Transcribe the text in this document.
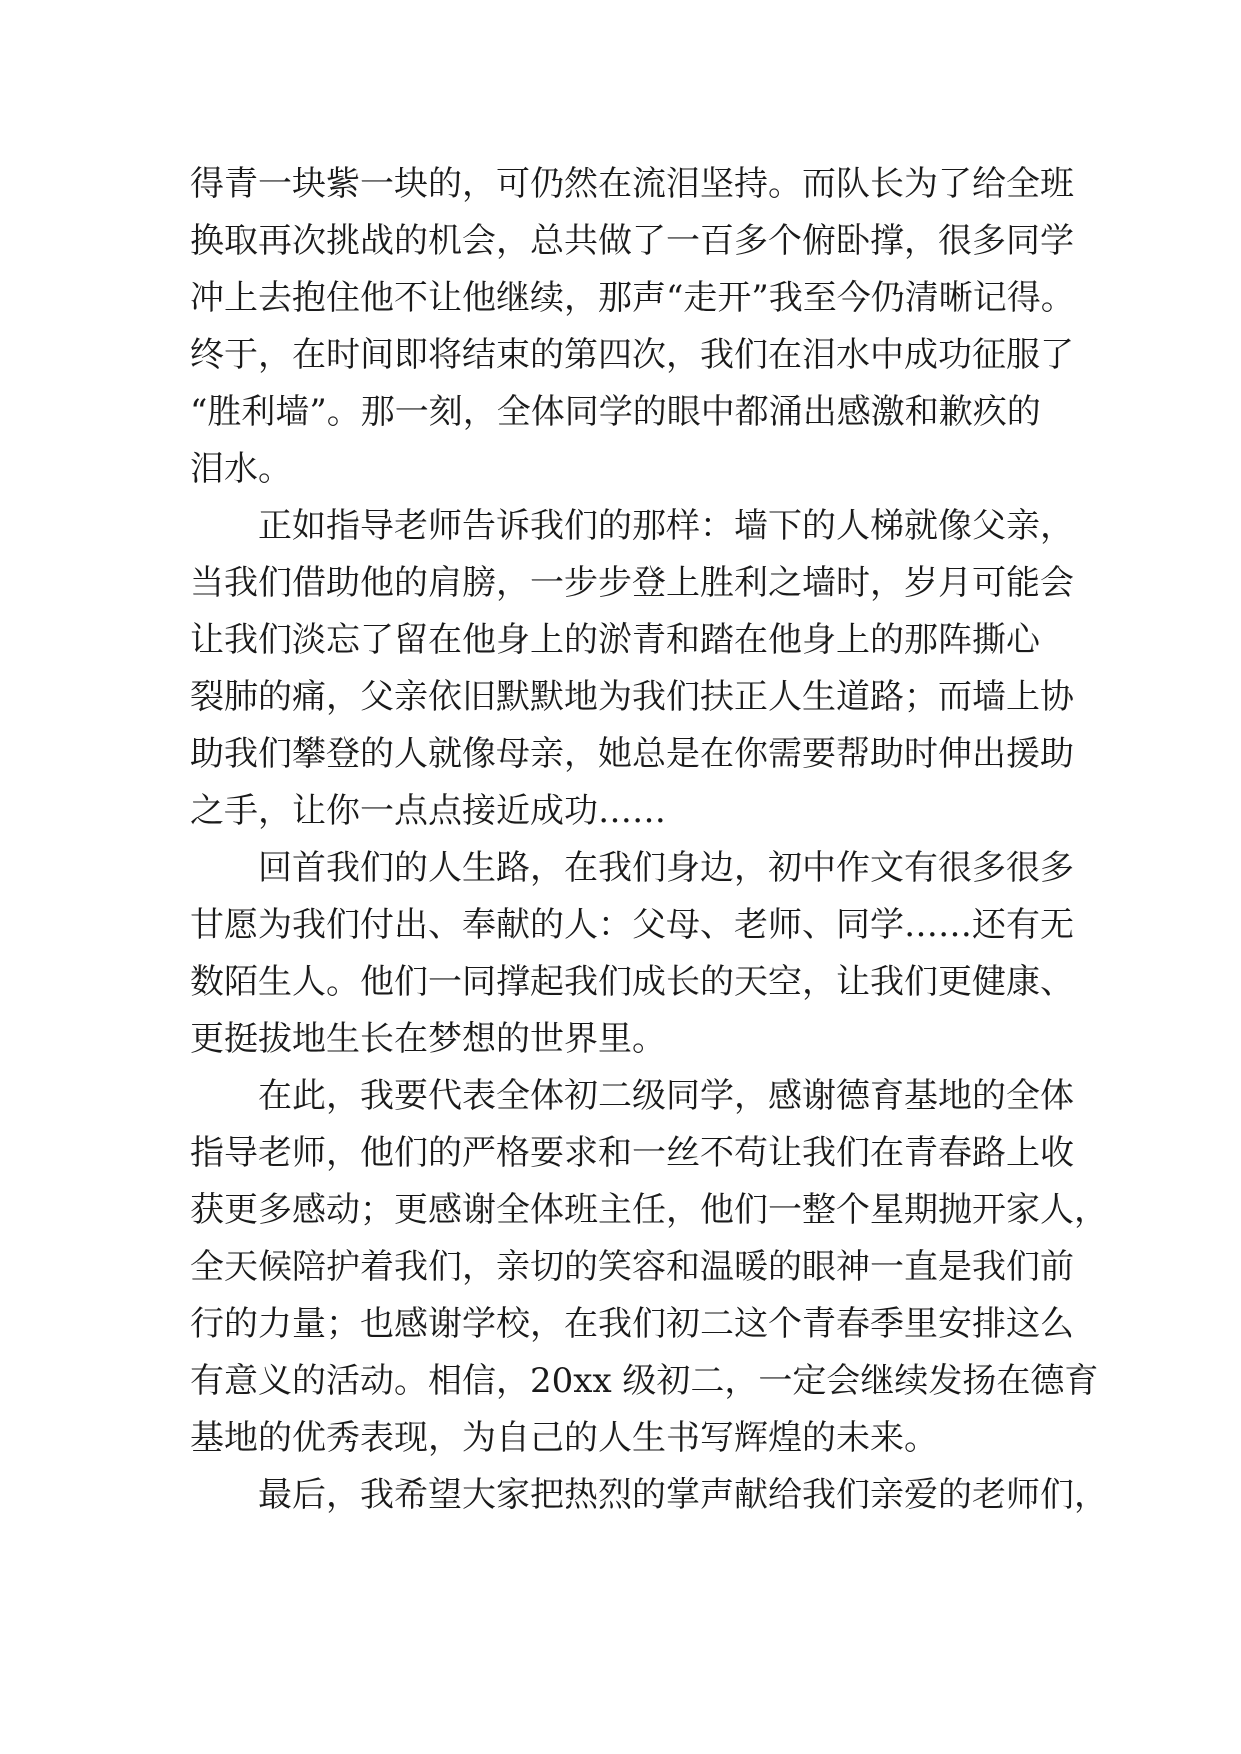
得青一块紫一块的，可仍然在流泪坚持。而队长为了给全班
换取再次挑战的机会，总共做了一百多个俯卧撑，很多同学
冲上去抱住他不让他继续，那声“走开”我至今仍清晰记得。
终于，在时间即将结束的第四次，我们在泪水中成功征服了
“胜利墙”。那一刻，全体同学的眼中都涌出感激和歉疚的
泪水。
正如指导老师告诉我们的那样：墙下的人梯就像父亲，
当我们借助他的肩膀，一步步登上胜利之墙时，岁月可能会
让我们淡忘了留在他身上的淤青和踏在他身上的那阵撕心
裂肺的痛，父亲依旧默默地为我们扶正人生道路；而墙上协
助我们攀登的人就像母亲，她总是在你需要帮助时伸出援助
之手，让你一点点接近成功……
回首我们的人生路，在我们身边，初中作文有很多很多
甘愿为我们付出、奉献的人：父母、老师、同学……还有无
数陌生人。他们一同撑起我们成长的天空，让我们更健康、
更挺拔地生长在梦想的世界里。
在此，我要代表全体初二级同学，感谢德育基地的全体
指导老师，他们的严格要求和一丝不苟让我们在青春路上收
获更多感动；更感谢全体班主任，他们一整个星期抛开家人，
全天候陪护着我们，亲切的笑容和温暖的眼神一直是我们前
行的力量；也感谢学校，在我们初二这个青春季里安排这么
有意义的活动。相信，20xx 级初二，一定会继续发扬在德育
基地的优秀表现，为自己的人生书写辉煌的未来。
最后，我希望大家把热烈的掌声献给我们亲爱的老师们，
